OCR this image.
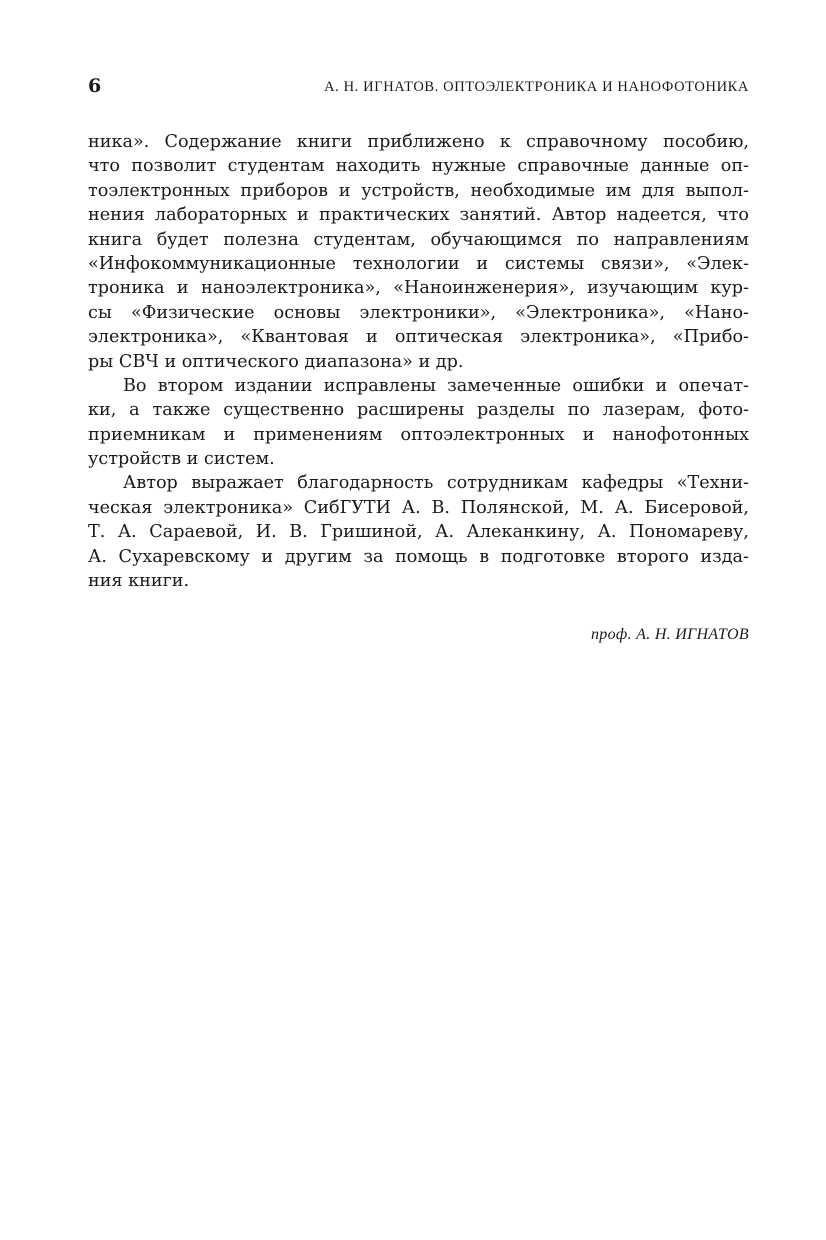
6	А. Н. ИГНАТОВ. ОПТОЭЛЕКТРОНИКА И НАНОФОТОНИКА
ника». Содержание книги приближено к справочному пособию,
что позволит студентам находить нужные справочные данные оп-
тоэлектронных приборов и устройств, необходимые им для выпол-
нения лабораторных и практических занятий. Автор надеется, что
книга будет полезна студентам, обучающимся по направлениям
«Инфокоммуникационные технологии и системы связи», «Элек-
троника и наноэлектроника», «Наноинженерия», изучающим кур-
сы «Физические основы электроники», «Электроника», «Нано-
электроника», «Квантовая и оптическая электроника», «Прибо-
ры СВЧ и оптического диапазона» и др.
Во втором издании исправлены замеченные ошибки и опечат-
ки, а также существенно расширены разделы по лазерам, фото-
приемникам и применениям оптоэлектронных и нанофотонных
устройств и систем.
Автор выражает благодарность сотрудникам кафедры «Техни-
ческая электроника» СибГУТИ А. В. Полянской, М. А. Бисеровой,
Т. А. Сараевой, И. В. Гришиной, А. Алеканкину, А. Пономареву,
А. Сухаревскому и другим за помощь в подготовке второго изда-
ния книги.
проф. А. Н. ИГНАТОВ
